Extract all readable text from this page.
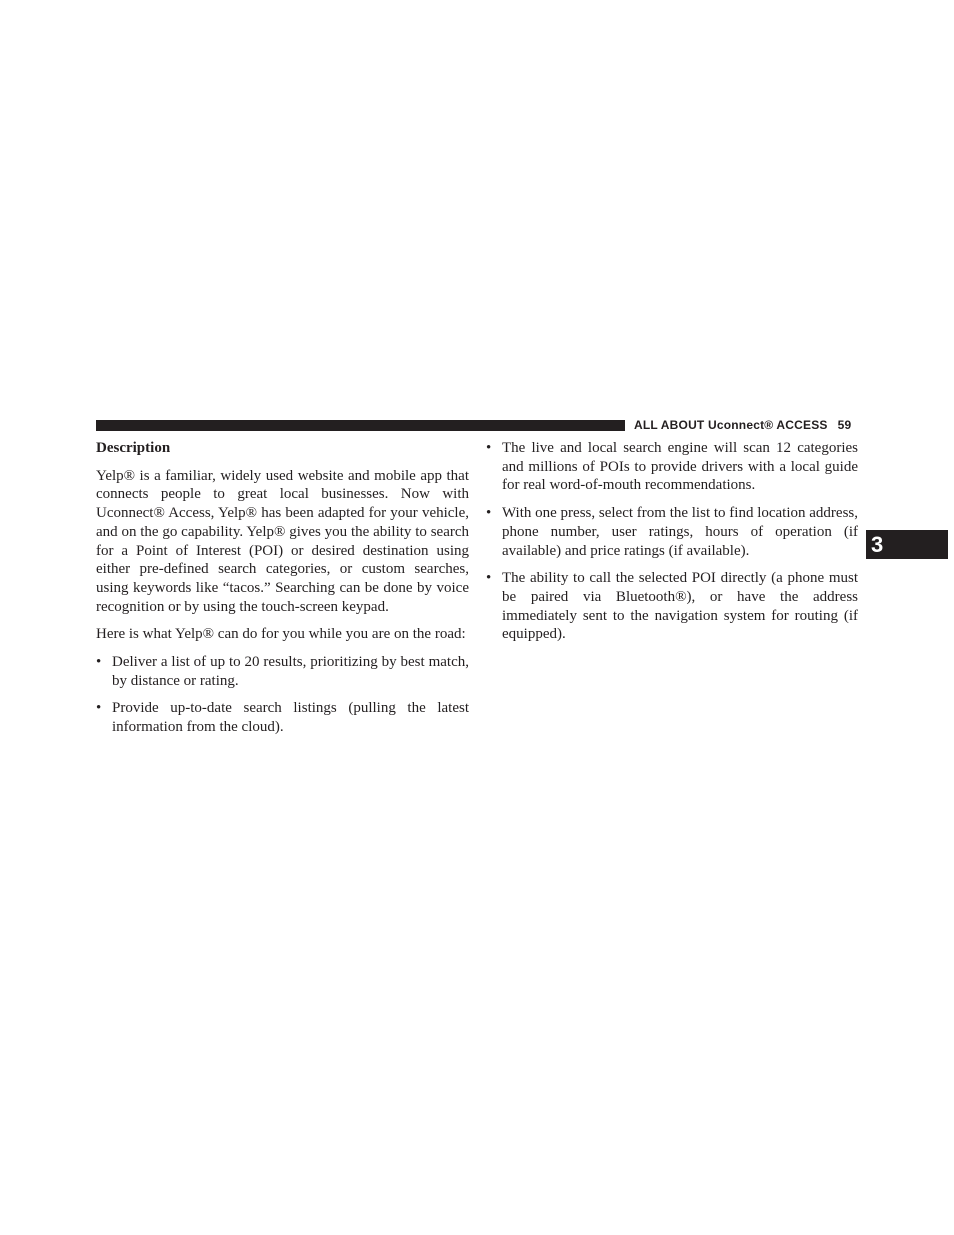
ALL ABOUT Uconnect® ACCESS 59
3
Description

Yelp® is a familiar, widely used website and mobile app that connects people to great local businesses. Now with Uconnect® Access, Yelp® has been adapted for your vehicle, and on the go capability. Yelp® gives you the ability to search for a Point of Interest (POI) or desired destination using either pre-defined search categories, or custom searches, using keywords like “tacos.” Searching can be done by voice recognition or by using the touch-screen keypad.

Here is what Yelp® can do for you while you are on the road:

• Deliver a list of up to 20 results, prioritizing by best match, by distance or rating.
• Provide up-to-date search listings (pulling the latest information from the cloud).
• The live and local search engine will scan 12 categories and millions of POIs to provide drivers with a local guide for real word-of-mouth recommendations.
• With one press, select from the list to find location address, phone number, user ratings, hours of operation (if available) and price ratings (if available).
• The ability to call the selected POI directly (a phone must be paired via Bluetooth®), or have the address immediately sent to the navigation system for routing (if equipped).
